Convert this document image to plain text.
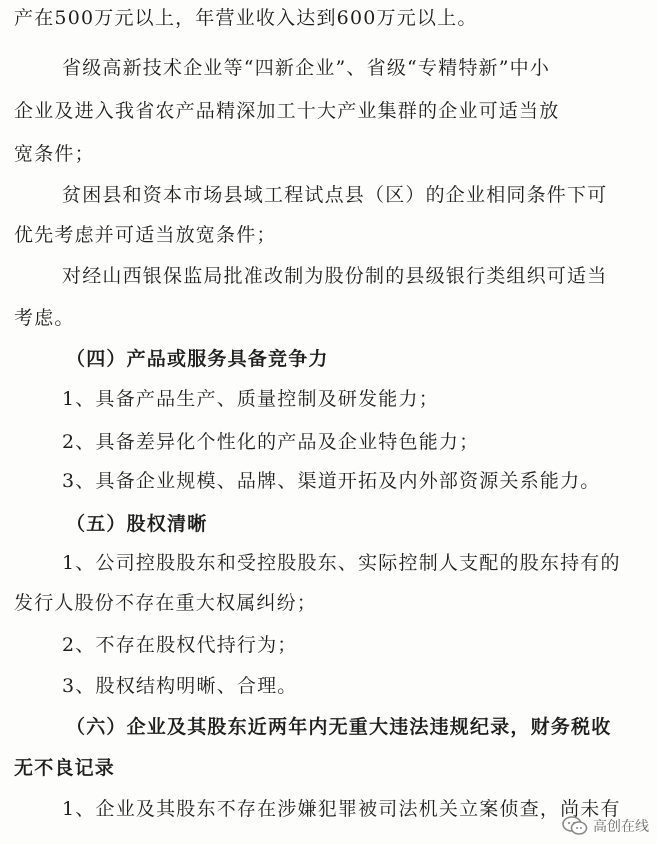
产在500万元以上，年营业收入达到600万元以上。
省级高新技术企业等“四新企业”、省级“专精特新”中小
企业及进入我省农产品精深加工十大产业集群的企业可适当放
宽条件；
贫困县和资本市场县域工程试点县（区）的企业相同条件下可
优先考虑并可适当放宽条件；
对经山西银保监局批准改制为股份制的县级银行类组织可适当
考虑。
（四）产品或服务具备竞争力
1、具备产品生产、质量控制及研发能力；
2、具备差异化个性化的产品及企业特色能力；
3、具备企业规模、品牌、渠道开拓及内外部资源关系能力。
（五）股权清晰
1、公司控股股东和受控股股东、实际控制人支配的股东持有的
发行人股份不存在重大权属纠纷；
2、不存在股权代持行为；
3、股权结构明晰、合理。
（六）企业及其股东近两年内无重大违法违规纪录，财务税收
无不良记录
1、企业及其股东不存在涉嫌犯罪被司法机关立案侦查，尚未有
高创在线
